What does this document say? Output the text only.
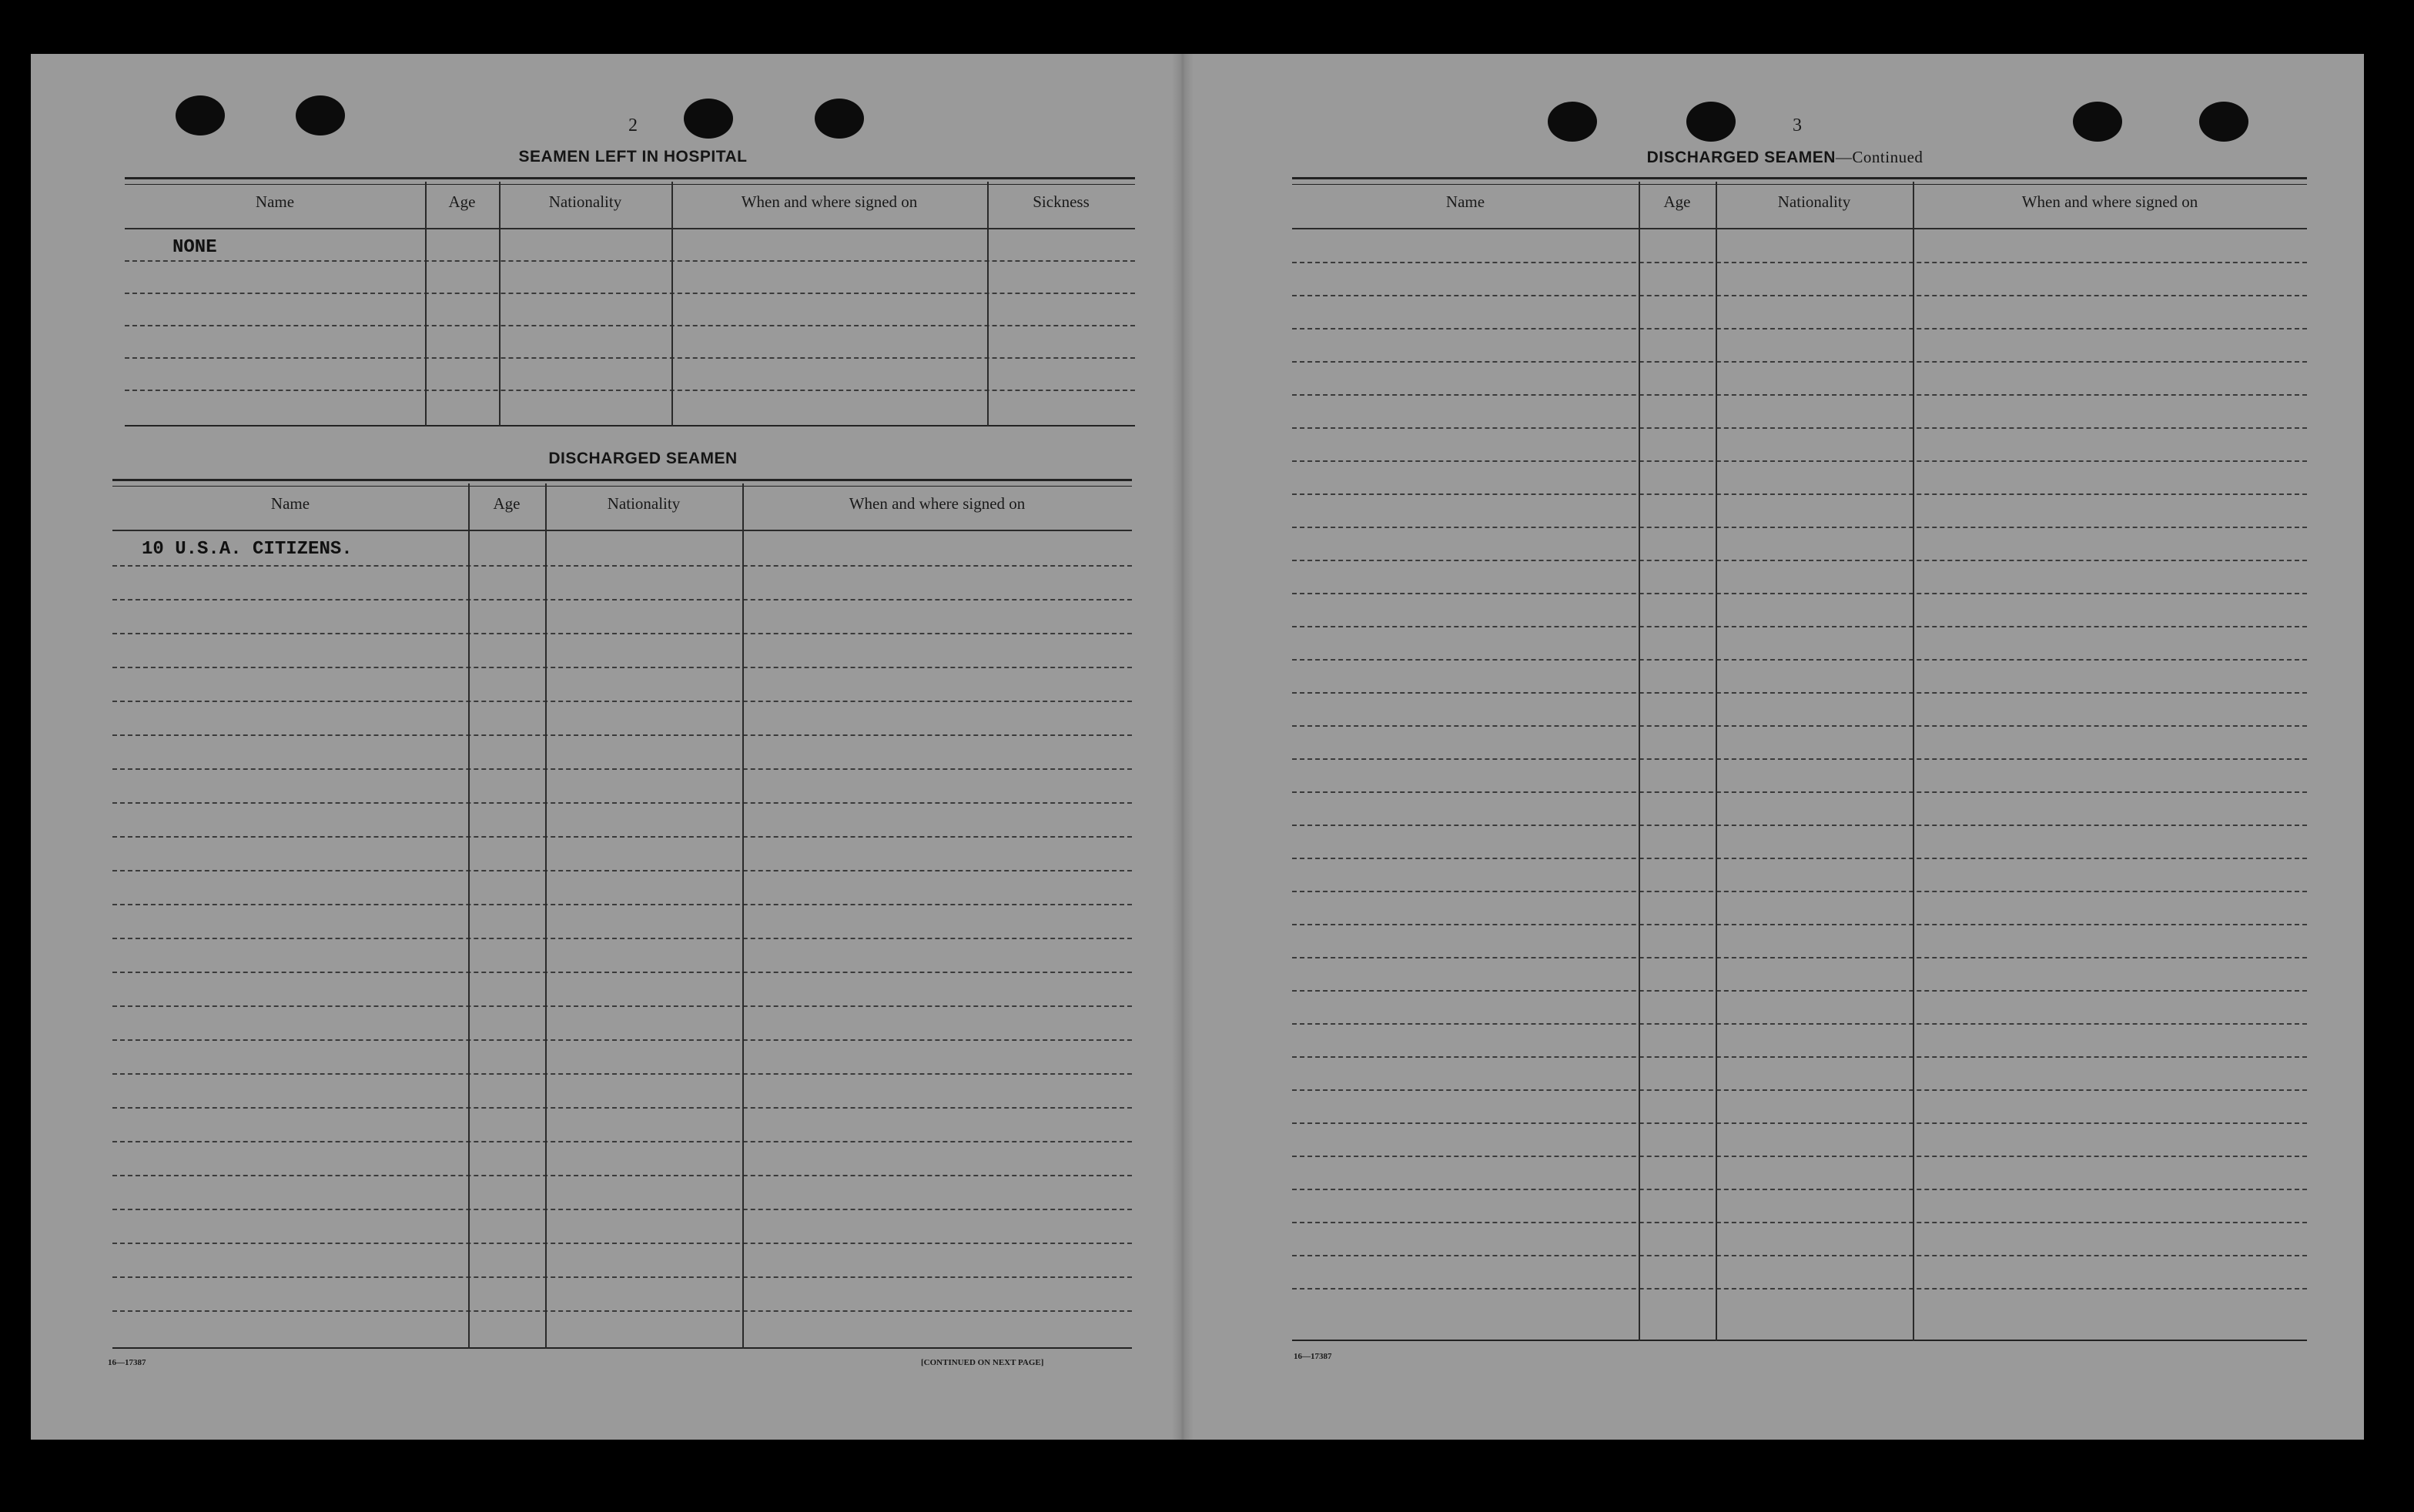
2
SEAMEN LEFT IN HOSPITAL
Name	Age	Nationality	When and where signed on	Sickness
NONE
DISCHARGED SEAMEN
Name	Age	Nationality	When and where signed on
10 U.S.A. CITIZENS.
16—17387	[CONTINUED ON NEXT PAGE]
3
DISCHARGED SEAMEN—Continued
Name	Age	Nationality	When and where signed on
16—17387
